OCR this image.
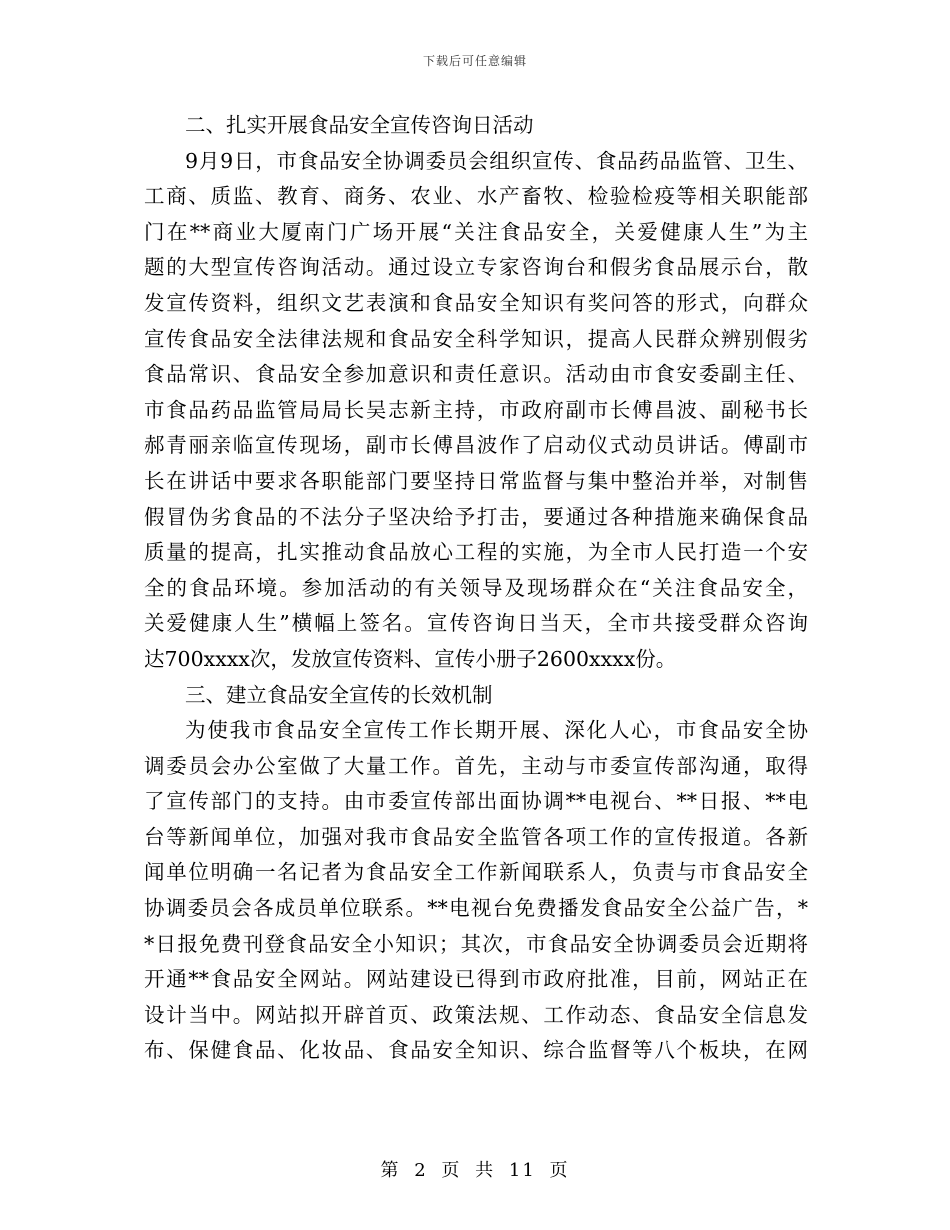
下载后可任意编辑
二、扎实开展食品安全宣传咨询日活动
9月9日，市食品安全协调委员会组织宣传、食品药品监管、卫生、
工商、质监、教育、商务、农业、水产畜牧、检验检疫等相关职能部
门在**商业大厦南门广场开展“关注食品安全，关爱健康人生”为主
题的大型宣传咨询活动。通过设立专家咨询台和假劣食品展示台，散
发宣传资料，组织文艺表演和食品安全知识有奖问答的形式，向群众
宣传食品安全法律法规和食品安全科学知识，提高人民群众辨别假劣
食品常识、食品安全参加意识和责任意识。活动由市食安委副主任、
市食品药品监管局局长吴志新主持，市政府副市长傅昌波、副秘书长
郝青丽亲临宣传现场，副市长傅昌波作了启动仪式动员讲话。傅副市
长在讲话中要求各职能部门要坚持日常监督与集中整治并举，对制售
假冒伪劣食品的不法分子坚决给予打击，要通过各种措施来确保食品
质量的提高，扎实推动食品放心工程的实施，为全市人民打造一个安
全的食品环境。参加活动的有关领导及现场群众在“关注食品安全，
关爱健康人生”横幅上签名。宣传咨询日当天，全市共接受群众咨询
达700xxxx次，发放宣传资料、宣传小册子2600xxxx份。
三、建立食品安全宣传的长效机制
为使我市食品安全宣传工作长期开展、深化人心，市食品安全协
调委员会办公室做了大量工作。首先，主动与市委宣传部沟通，取得
了宣传部门的支持。由市委宣传部出面协调**电视台、**日报、**电
台等新闻单位，加强对我市食品安全监管各项工作的宣传报道。各新
闻单位明确一名记者为食品安全工作新闻联系人，负责与市食品安全
协调委员会各成员单位联系。**电视台免费播发食品安全公益广告，*
*日报免费刊登食品安全小知识；其次，市食品安全协调委员会近期将
开通**食品安全网站。网站建设已得到市政府批准，目前，网站正在
设计当中。网站拟开辟首页、政策法规、工作动态、食品安全信息发
布、保健食品、化妆品、食品安全知识、综合监督等八个板块，在网
第 2 页 共 11 页
